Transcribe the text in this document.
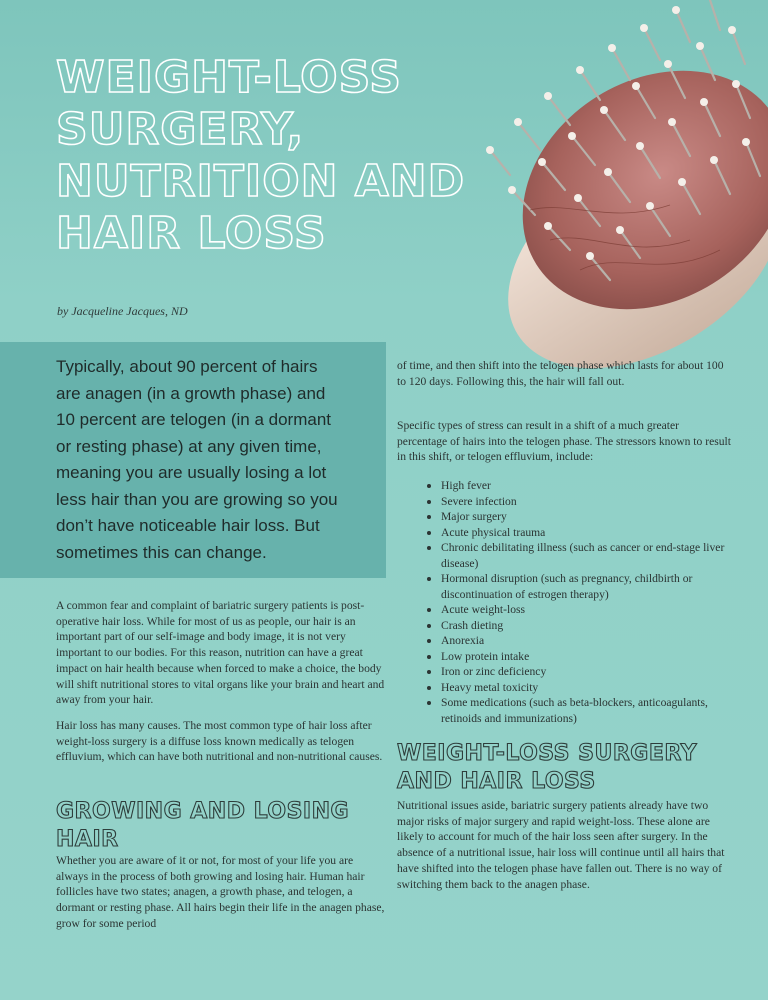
WEIGHT-LOSS SURGERY, NUTRITION AND HAIR LOSS
by Jacqueline Jacques, ND

Typically, about 90 percent of hairs are anagen (in a growth phase) and 10 percent are telogen (in a dormant or resting phase) at any given time, meaning you are usually losing a lot less hair than you are growing so you don’t have noticeable hair loss. But sometimes this can change.

A common fear and complaint of bariatric surgery patients is post-operative hair loss. While for most of us as people, our hair is an important part of our self-image and body image, it is not very important to our bodies. For this reason, nutrition can have a great impact on hair health because when forced to make a choice, the body will shift nutritional stores to vital organs like your brain and heart and away from your hair.

Hair loss has many causes. The most common type of hair loss after weight-loss surgery is a diffuse loss known medically as telogen effluvium, which can have both nutritional and non-nutritional causes.

GROWING AND LOSING HAIR

Whether you are aware of it or not, for most of your life you are always in the process of both growing and losing hair. Human hair follicles have two states; anagen, a growth phase, and telogen, a dormant or resting phase. All hairs begin their life in the anagen phase, grow for some period

of time, and then shift into the telogen phase which lasts for about 100 to 120 days. Following this, the hair will fall out.

Specific types of stress can result in a shift of a much greater percentage of hairs into the telogen phase. The stressors known to result in this shift, or telogen effluvium, include:

High fever
Severe infection
Major surgery
Acute physical trauma
Chronic debilitating illness (such as cancer or end-stage liver disease)
Hormonal disruption (such as pregnancy, childbirth or discontinuation of estrogen therapy)
Acute weight-loss
Crash dieting
Anorexia
Low protein intake
Iron or zinc deficiency
Heavy metal toxicity
Some medications (such as beta-blockers, anticoagulants, retinoids and immunizations)
WEIGHT-LOSS SURGERY AND HAIR LOSS

Nutritional issues aside, bariatric surgery patients already have two major risks of major surgery and rapid weight-loss. These alone are likely to account for much of the hair loss seen after surgery. In the absence of a nutritional issue, hair loss will continue until all hairs that have shifted into the telogen phase have fallen out. There is no way of switching them back to the anagen phase.
